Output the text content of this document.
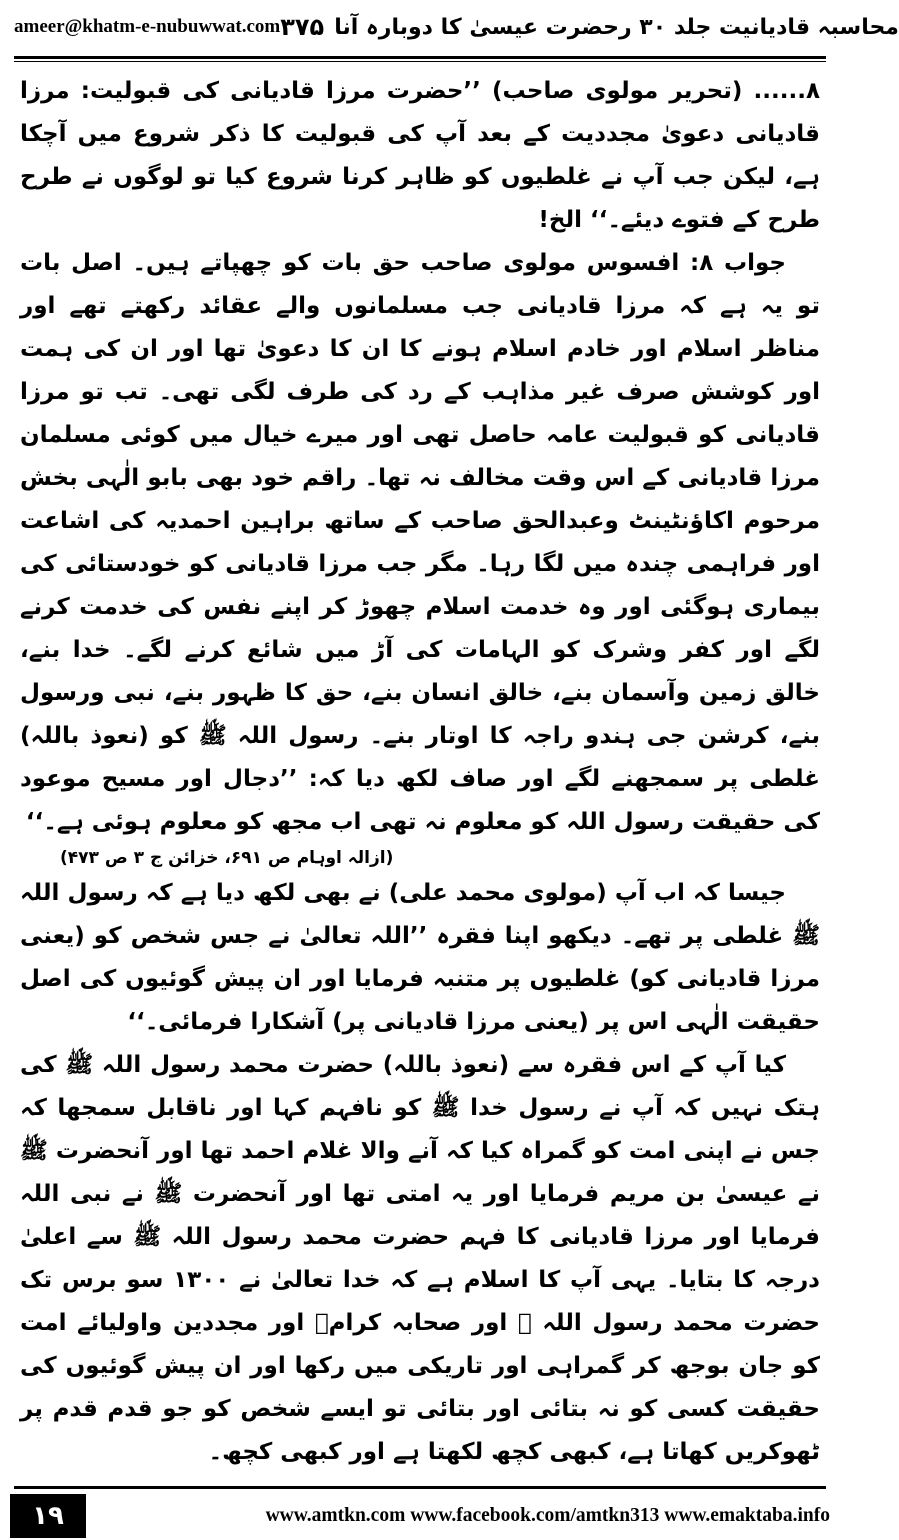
ameer@khatm-e-nubuwwat.com محاسبہ قادیانیت جلد ۳۰ رحضرت عیسیٰ کا دوبارہ آنا
۳۷۵

۸...... (تحریر مولوی صاحب) ’’حضرت مرزا قادیانی کی قبولیت: مرزا قادیانی دعویٰ مجددیت کے بعد آپ کی قبولیت کا ذکر شروع میں آچکا ہے، لیکن جب آپ نے غلطیوں کو ظاہر کرنا شروع کیا تو لوگوں نے طرح طرح کے فتوے دیئے۔‘‘ الخ!

جواب ۸: افسوس مولوی صاحب حق بات کو چھپاتے ہیں۔ اصل بات تو یہ ہے کہ مرزا قادیانی جب مسلمانوں والے عقائد رکھتے تھے اور مناظر اسلام اور خادم اسلام ہونے کا ان کا دعویٰ تھا اور ان کی ہمت اور کوشش صرف غیر مذاہب کے رد کی طرف لگی تھی۔ تب تو مرزا قادیانی کو قبولیت عامہ حاصل تھی اور میرے خیال میں کوئی مسلمان مرزا قادیانی کے اس وقت مخالف نہ تھا۔ راقم خود بھی بابو الٰہی بخش مرحوم اکاؤنٹینٹ وعبدالحق صاحب کے ساتھ براہین احمدیہ کی اشاعت اور فراہمی چندہ میں لگا رہا۔ مگر جب مرزا قادیانی کو خودستائی کی بیماری ہوگئی اور وہ خدمت اسلام چھوڑ کر اپنے نفس کی خدمت کرنے لگے اور کفر وشرک کو الہامات کی آڑ میں شائع کرنے لگے۔ خدا بنے، خالق زمین وآسمان بنے، خالق انسان بنے، حق کا ظہور بنے، نبی ورسول بنے، کرشن جی ہندو راجہ کا اوتار بنے۔ رسول اللہ ﷺ کو (نعوذ باللہ) غلطی پر سمجھنے لگے اور صاف لکھ دیا کہ: ’’دجال اور مسیح موعود کی حقیقت رسول اللہ کو معلوم نہ تھی اب مجھ کو معلوم ہوئی ہے۔‘‘

(ازالہ اوہام ص ۶۹۱، خزائن ج ۳ ص ۴۷۳)

جیسا کہ اب آپ (مولوی محمد علی) نے بھی لکھ دیا ہے کہ رسول اللہ ﷺ غلطی پر تھے۔ دیکھو اپنا فقرہ ’’اللہ تعالیٰ نے جس شخص کو (یعنی مرزا قادیانی کو) غلطیوں پر متنبہ فرمایا اور ان پیش گوئیوں کی اصل حقیقت الٰہی اس پر (یعنی مرزا قادیانی پر) آشکارا فرمائی۔‘‘

کیا آپ کے اس فقرہ سے (نعوذ باللہ) حضرت محمد رسول اللہ ﷺ کی ہتک نہیں کہ آپ نے رسول خدا ﷺ کو نافہم کہا اور ناقابل سمجھا کہ جس نے اپنی امت کو گمراہ کیا کہ آنے والا غلام احمد تھا اور آنحضرت ﷺ نے عیسیٰ بن مریم فرمایا اور یہ امتی تھا اور آنحضرت ﷺ نے نبی اللہ فرمایا اور مرزا قادیانی کا فہم حضرت محمد رسول اللہ ﷺ سے اعلیٰ درجہ کا بتایا۔ یہی آپ کا اسلام ہے کہ خدا تعالیٰ نے ۱۳۰۰ سو برس تک حضرت محمد رسول اللہ ﷺ اور صحابہ کرامؓ اور مجددین واولیائے امت کو جان بوجھ کر گمراہی اور تاریکی میں رکھا اور ان پیش گوئیوں کی حقیقت کسی کو نہ بتائی اور بتائی تو ایسے شخص کو جو قدم قدم پر ٹھوکریں کھاتا ہے، کبھی کچھ لکھتا ہے اور کبھی کچھ۔

۱۹	www.amtkn.com www.facebook.com/amtkn313 www.emaktaba.info
